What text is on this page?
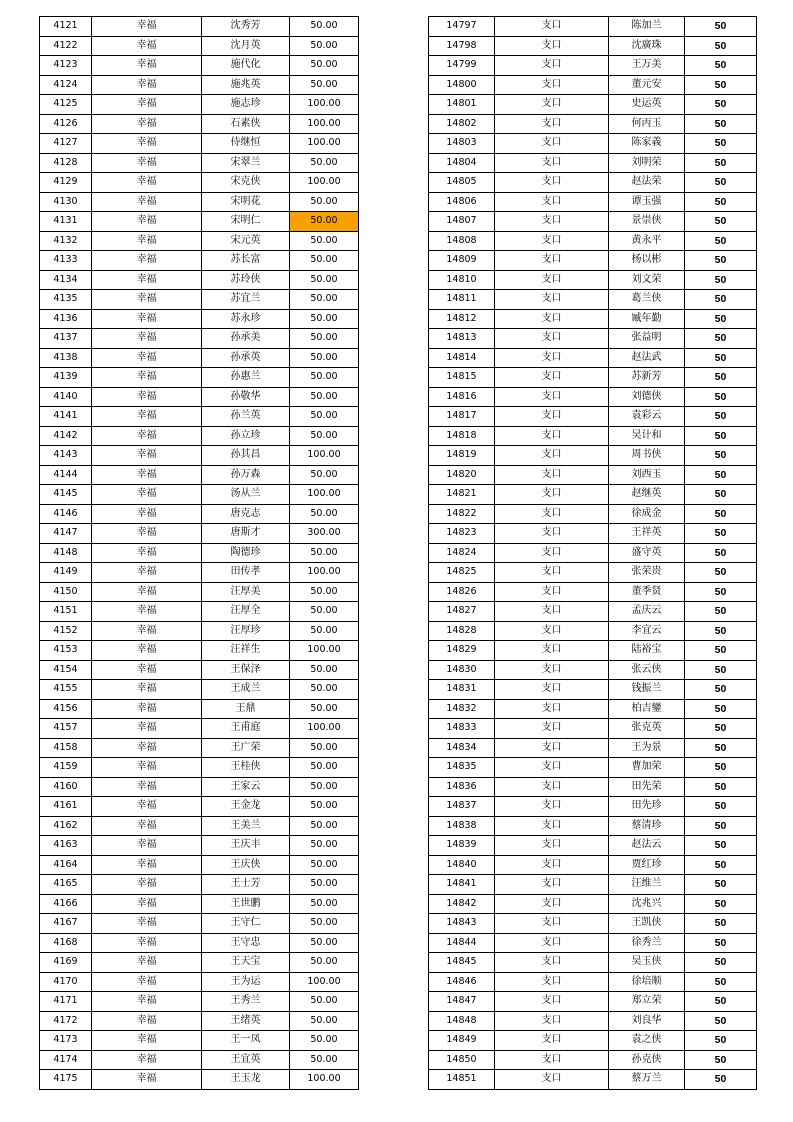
4121	幸福	沈秀芳	50.00
4122	幸福	沈月英	50.00
4123	幸福	施代化	50.00
4124	幸福	施兆英	50.00
4125	幸福	施志珍	100.00
4126	幸福	石素侠	100.00
4127	幸福	侍继恒	100.00
4128	幸福	宋翠兰	50.00
4129	幸福	宋克侠	100.00
4130	幸福	宋明花	50.00
4131	幸福	宋明仁	50.00
4132	幸福	宋元英	50.00
4133	幸福	苏长富	50.00
4134	幸福	苏玲侠	50.00
4135	幸福	苏宜兰	50.00
4136	幸福	苏永珍	50.00
4137	幸福	孙承美	50.00
4138	幸福	孙承英	50.00
4139	幸福	孙惠兰	50.00
4140	幸福	孙敬华	50.00
4141	幸福	孙兰英	50.00
4142	幸福	孙立珍	50.00
4143	幸福	孙其昌	100.00
4144	幸福	孙万森	50.00
4145	幸福	汤从兰	100.00
4146	幸福	唐克志	50.00
4147	幸福	唐斯才	300.00
4148	幸福	陶德珍	50.00
4149	幸福	田传孝	100.00
4150	幸福	汪厚美	50.00
4151	幸福	汪厚全	50.00
4152	幸福	汪厚珍	50.00
4153	幸福	汪祥生	100.00
4154	幸福	王保泽	50.00
4155	幸福	王成兰	50.00
4156	幸福	王鼎	50.00
4157	幸福	王甫庭	100.00
4158	幸福	王广荣	50.00
4159	幸福	王桂侠	50.00
4160	幸福	王家云	50.00
4161	幸福	王金龙	50.00
4162	幸福	王美兰	50.00
4163	幸福	王庆丰	50.00
4164	幸福	王庆侠	50.00
4165	幸福	王士芳	50.00
4166	幸福	王世鹏	50.00
4167	幸福	王守仁	50.00
4168	幸福	王守忠	50.00
4169	幸福	王天宝	50.00
4170	幸福	王为运	100.00
4171	幸福	王秀兰	50.00
4172	幸福	王绪英	50.00
4173	幸福	王一凤	50.00
4174	幸福	王宜英	50.00
4175	幸福	王玉龙	100.00
14797	支口	陈加兰	50
14798	支口	沈廣珠	50
14799	支口	王万美	50
14800	支口	董元安	50
14801	支口	史运英	50
14802	支口	何丙玉	50
14803	支口	陈家義	50
14804	支口	刘明荣	50
14805	支口	赵法荣	50
14806	支口	谭玉强	50
14807	支口	景崇侠	50
14808	支口	黄永平	50
14809	支口	杨以彬	50
14810	支口	刘文荣	50
14811	支口	葛兰侠	50
14812	支口	臧年勤	50
14813	支口	张益明	50
14814	支口	赵法武	50
14815	支口	苏新芳	50
14816	支口	刘德侠	50
14817	支口	袁彩云	50
14818	支口	吴计和	50
14819	支口	周书侠	50
14820	支口	刘西玉	50
14821	支口	赵继英	50
14822	支口	徐成金	50
14823	支口	王祥英	50
14824	支口	盛守英	50
14825	支口	张荣贵	50
14826	支口	董季贤	50
14827	支口	孟庆云	50
14828	支口	李宜云	50
14829	支口	陆裕宝	50
14830	支口	张云侠	50
14831	支口	钱振兰	50
14832	支口	柏吉鑾	50
14833	支口	张克英	50
14834	支口	王为景	50
14835	支口	曹加荣	50
14836	支口	田先荣	50
14837	支口	田先珍	50
14838	支口	蔡清珍	50
14839	支口	赵法云	50
14840	支口	贾红珍	50
14841	支口	汪维兰	50
14842	支口	沈兆兴	50
14843	支口	王凯侠	50
14844	支口	徐秀兰	50
14845	支口	吴玉侠	50
14846	支口	徐培顺	50
14847	支口	郑立荣	50
14848	支口	刘良华	50
14849	支口	袁之侠	50
14850	支口	孙克侠	50
14851	支口	蔡万兰	50
